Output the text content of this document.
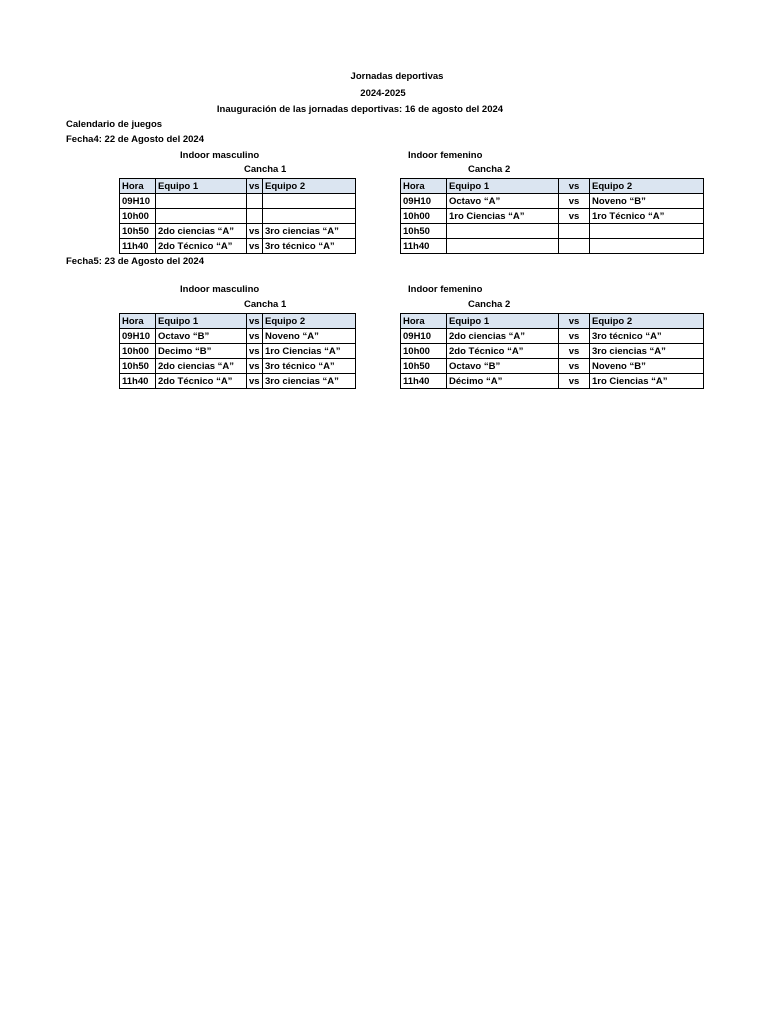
Jornadas deportivas
2024-2025
Inauguración de las jornadas deportivas: 16 de agosto del 2024
Calendario de juegos
Fecha4: 22 de Agosto del 2024
Indoor masculino
Cancha 1
Indoor femenino
Cancha 2
Hora	Equipo 1	vs	Equipo 2
09H10			
10h00			
10h50	2do ciencias “A”	vs	3ro ciencias “A”
11h40	2do Técnico “A”	vs	3ro técnico “A”
Hora	Equipo 1	vs	Equipo 2
09H10	Octavo “A”	vs	Noveno “B”
10h00	1ro Ciencias “A”	vs	1ro Técnico “A”
10h50			
11h40			
Fecha5: 23 de Agosto del 2024
Indoor masculino
Cancha 1
Indoor femenino
Cancha 2
Hora	Equipo 1	vs	Equipo 2
09H10	Octavo “B”	vs	Noveno “A”
10h00	Decimo “B”	vs	1ro Ciencias “A”
10h50	2do ciencias “A”	vs	3ro técnico “A”
11h40	2do Técnico “A”	vs	3ro ciencias “A”
Hora	Equipo 1	vs	Equipo 2
09H10	2do ciencias “A”	vs	3ro técnico “A”
10h00	2do Técnico “A”	vs	3ro ciencias “A”
10h50	Octavo “B”	vs	Noveno “B”
11h40	Décimo “A”	vs	1ro Ciencias “A”
